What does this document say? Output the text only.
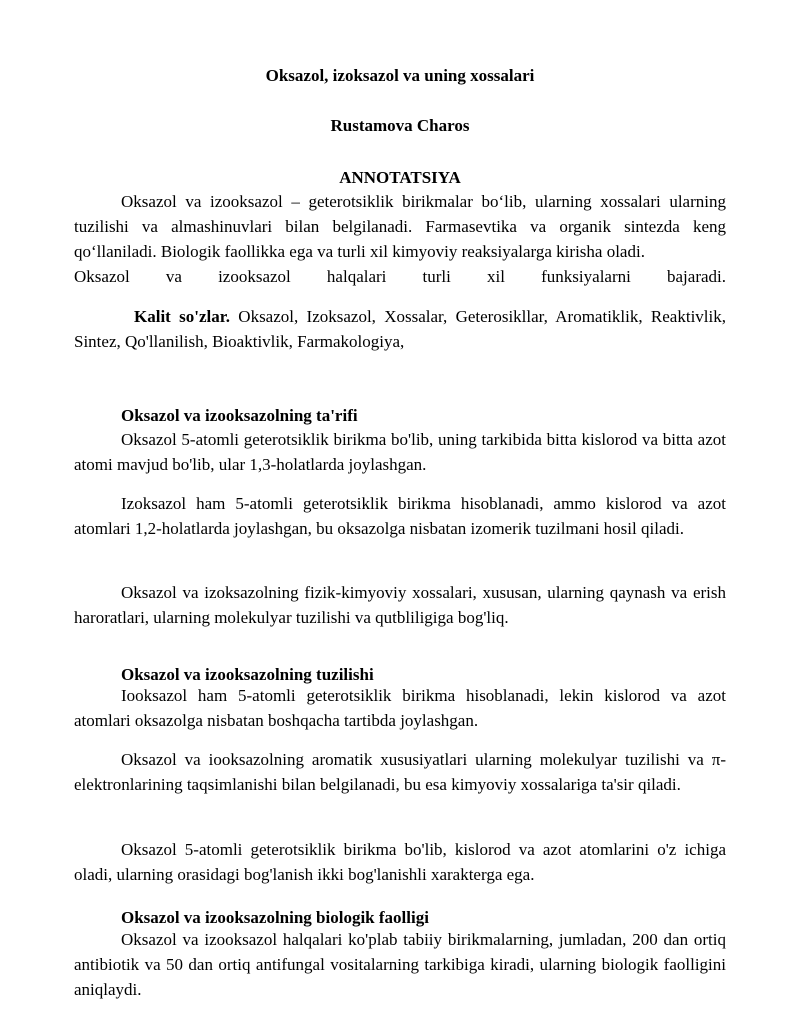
Oksazol, izoksazol va uning xossalari

Rustamova Charos

ANNOTATSIYA

Oksazol va izooksazol – geterotsiklik birikmalar bo‘lib, ularning xossalari ularning tuzilishi va almashinuvlari bilan belgilanadi. Farmasevtika va organik sintezda keng qo‘llaniladi. Biologik faollikka ega va turli xil kimyoviy reaksiyalarga kirisha oladi.

Oksazol va izooksazol halqalari turli xil funksiyalarni bajaradi.

Kalit so'zlar. Oksazol, Izoksazol, Xossalar, Geterosikllar, Aromatiklik, Reaktivlik, Sintez, Qo'llanilish, Bioaktivlik, Farmakologiya,

Oksazol va izooksazolning ta'rifi

Oksazol 5-atomli geterotsiklik birikma bo'lib, uning tarkibida bitta kislorod va bitta azot atomi mavjud bo'lib, ular 1,3-holatlarda joylashgan.

Izoksazol ham 5-atomli geterotsiklik birikma hisoblanadi, ammo kislorod va azot atomlari 1,2-holatlarda joylashgan, bu oksazolga nisbatan izomerik tuzilmani hosil qiladi.

Oksazol va izoksazolning fizik-kimyoviy xossalari, xususan, ularning qaynash va erish haroratlari, ularning molekulyar tuzilishi va qutbliligiga bog'liq.

Oksazol va izooksazolning tuzilishi

Iooksazol ham 5-atomli geterotsiklik birikma hisoblanadi, lekin kislorod va azot atomlari oksazolga nisbatan boshqacha tartibda joylashgan.

Oksazol va iooksazolning aromatik xususiyatlari ularning molekulyar tuzilishi va π-elektronlarining taqsimlanishi bilan belgilanadi, bu esa kimyoviy xossalariga ta'sir qiladi.

Oksazol 5-atomli geterotsiklik birikma bo'lib, kislorod va azot atomlarini o'z ichiga oladi, ularning orasidagi bog'lanish ikki bog'lanishli xarakterga ega.

Oksazol va izooksazolning biologik faolligi

Oksazol va izooksazol halqalari ko'plab tabiiy birikmalarning, jumladan, 200 dan ortiq antibiotik va 50 dan ortiq antifungal vositalarning tarkibiga kiradi, ularning biologik faolligini aniqlaydi.
